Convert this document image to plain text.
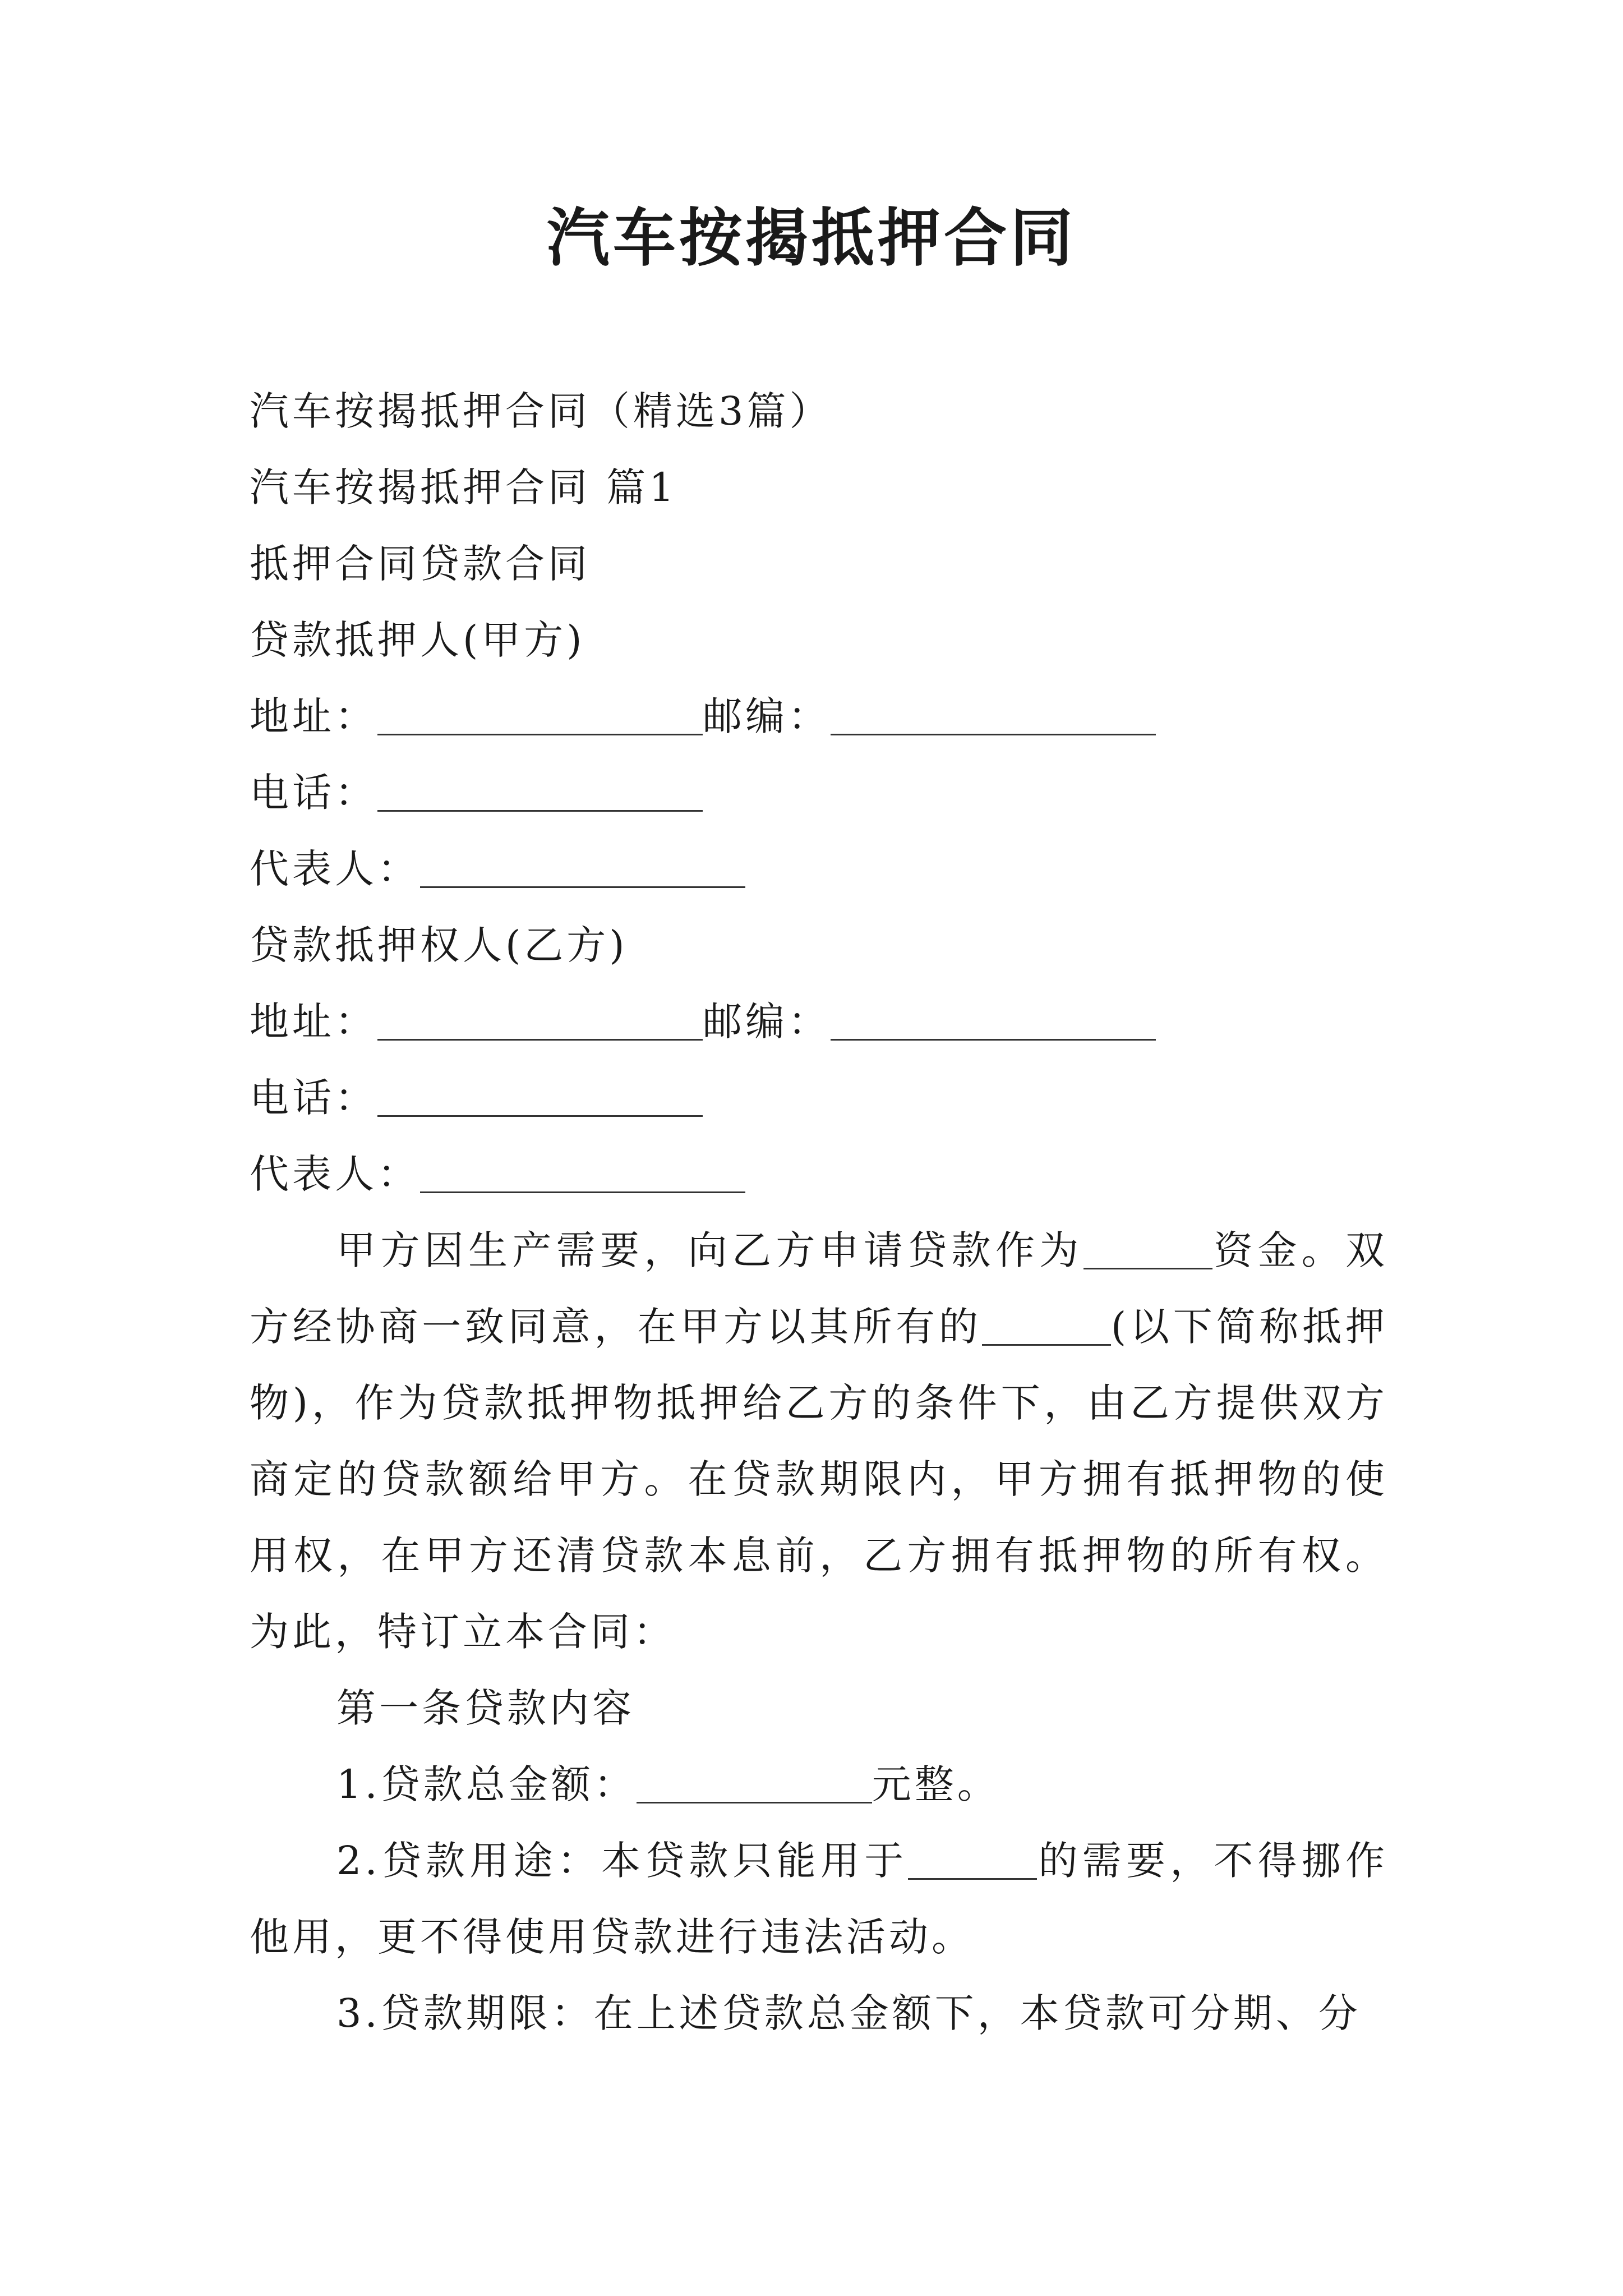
汽车按揭抵押合同
汽车按揭抵押合同（精选3篇）
汽车按揭抵押合同 篇1
抵押合同贷款合同
贷款抵押人(甲方)
地址：	邮编：
电话：
代表人：
贷款抵押权人(乙方)
地址：	邮编：
电话：
代表人：
甲方因生产需要，向乙方申请贷款作为	资金。双方经协商一致同意，在甲方以其所有的	(以下简称抵押物)，作为贷款抵押物抵押给乙方的条件下，由乙方提供双方商定的贷款额给甲方。在贷款期限内，甲方拥有抵押物的使用权，在甲方还清贷款本息前，乙方拥有抵押物的所有权。为此，特订立本合同：
第一条贷款内容
1.贷款总金额：	元整。
2.贷款用途：本贷款只能用于	的需要，不得挪作他用，更不得使用贷款进行违法活动。
3.贷款期限：在上述贷款总金额下，本贷款可分期、分
